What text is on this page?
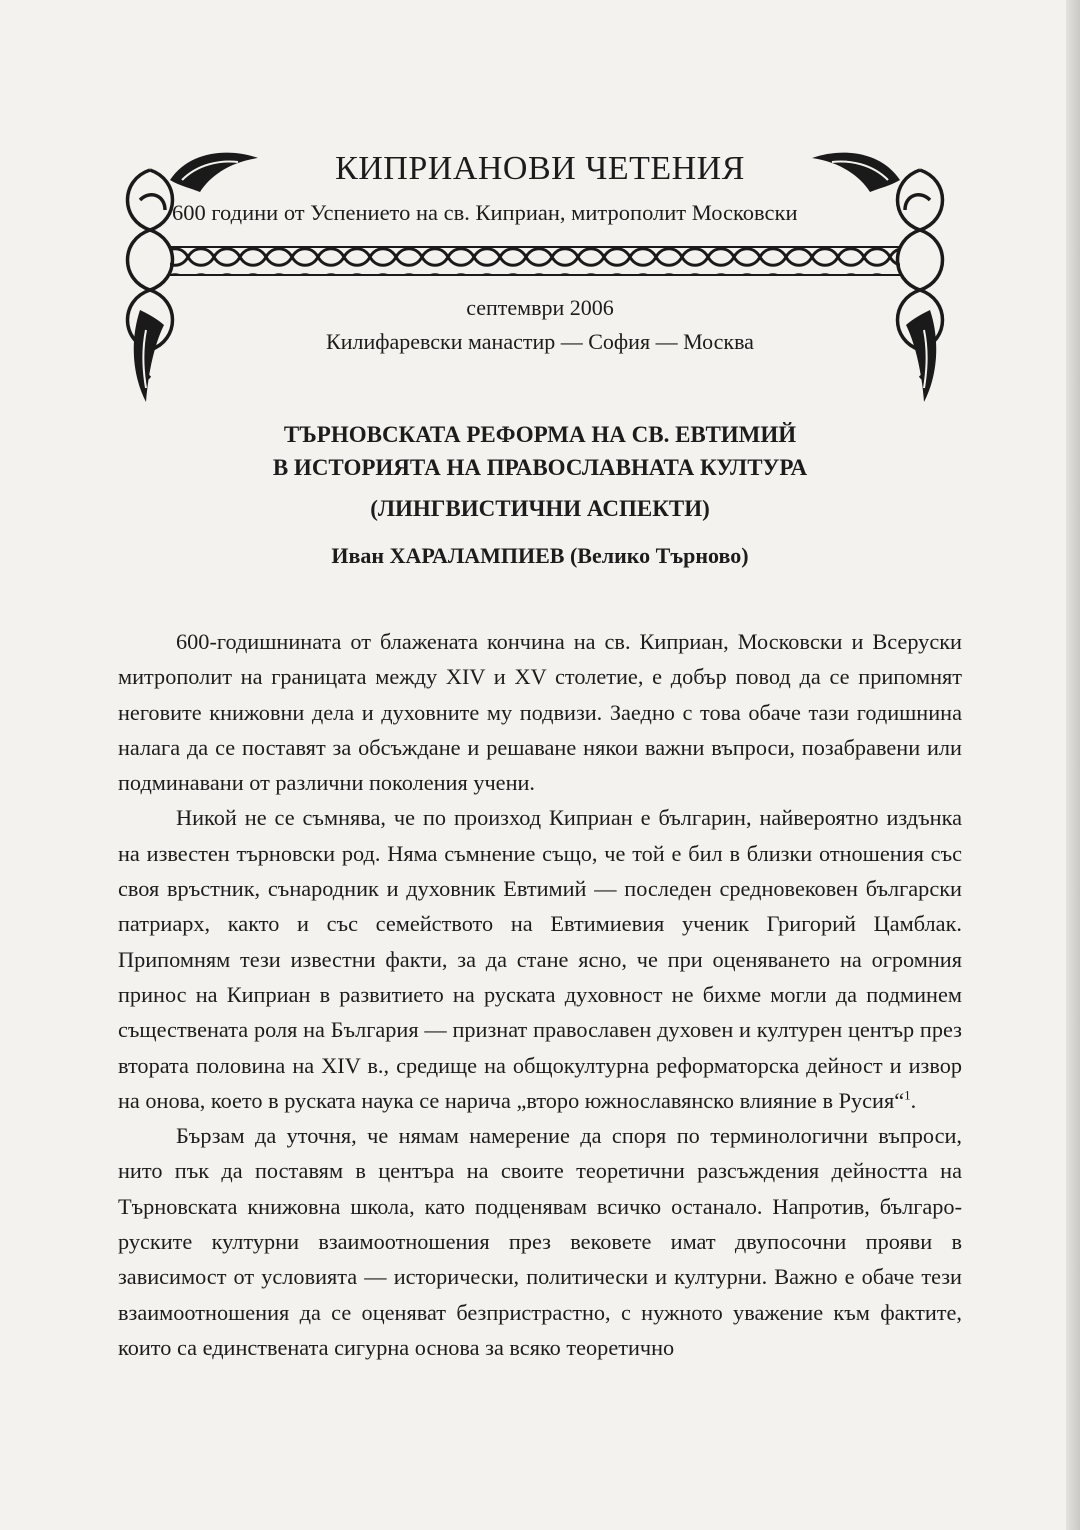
КИПРИАНОВИ ЧЕТЕНИЯ
600 години от Успението на св. Киприан, митрополит Московски
септември 2006
Килифаревски манастир — София — Москва
ТЪРНОВСКАТА РЕФОРМА НА СВ. ЕВТИМИЙ
В ИСТОРИЯТА НА ПРАВОСЛАВНАТА КУЛТУРА
(ЛИНГВИСТИЧНИ АСПЕКТИ)
Иван ХАРАЛАМПИЕВ (Велико Търново)

600-годишнината от блажената кончина на св. Киприан, Московски и Всеруски митрополит на границата между XIV и XV столетие, е добър повод да се припомнят неговите книжовни дела и духовните му подвизи. Заедно с това обаче тази годишнина налага да се поставят за обсъждане и решаване някои важни въпроси, позабравени или подминавани от различни поколения учени.

Никой не се съмнява, че по произход Киприан е българин, найвероятно издънка на известен търновски род. Няма съмнение също, че той е бил в близки отношения със своя връстник, сънародник и духовник Евтимий — последен средновековен български патриарх, както и със семейството на Евтимиевия ученик Григорий Цамблак. Припомням тези известни факти, за да стане ясно, че при оценяването на огромния принос на Киприан в развитието на руската духовност не бихме могли да подминем съществената роля на България — признат православен духовен и културен център през втората половина на XIV в., средище на общокултурна реформаторска дейност и извор на онова, което в руската наука се нарича „второ южнославянско влияние в Русия“$^1$.

Бързам да уточня, че нямам намерение да споря по терминологични въпроси, нито пък да поставям в центъра на своите теоретични разсъждения дейността на Търновската книжовна школа, като подценявам всичко останало. Напротив, българо-руските културни взаимоотношения през вековете имат двупосочни прояви в зависимост от условията — исторически, политически и културни. Важно е обаче тези взаимоотношения да се оценяват безпристрастно, с нужното уважение към фактите, които са единствената сигурна основа за всяко теоретично
